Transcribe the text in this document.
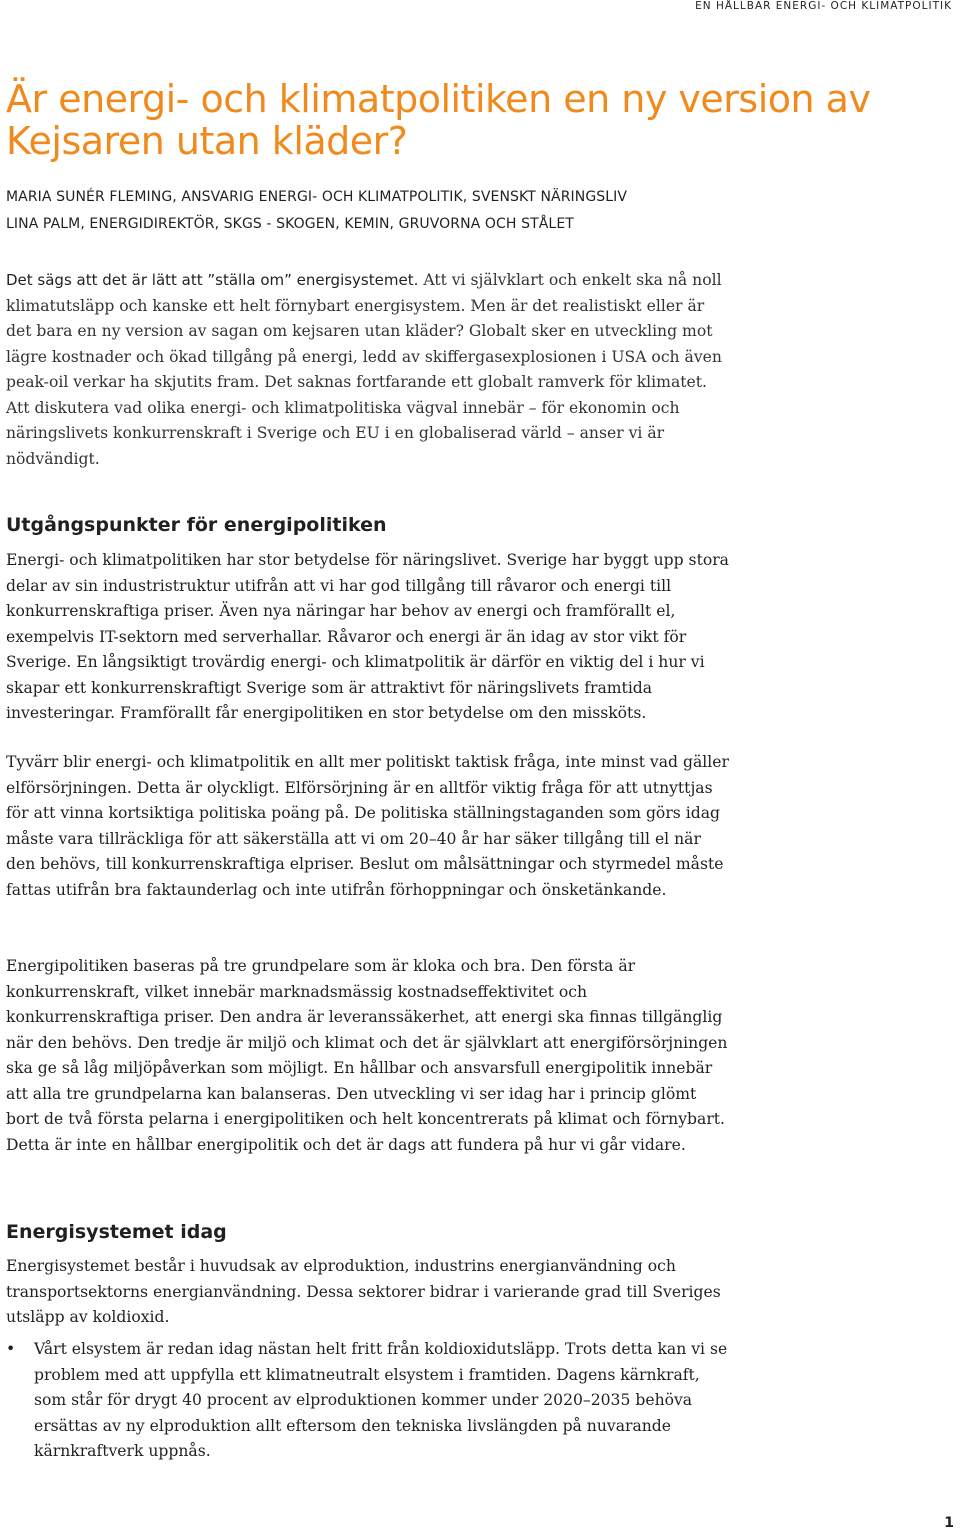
EN HÅLLBAR ENERGI- OCH KLIMATPOLITIK
Är energi- och klimatpolitiken en ny version av Kejsaren utan kläder?
MARIA SUNÉR FLEMING, ANSVARIG ENERGI- OCH KLIMATPOLITIK, SVENSKT NÄRINGSLIV
LINA PALM, ENERGIDIREKTÖR, SKGS - SKOGEN, KEMIN, GRUVORNA OCH STÅLET

Det sägs att det är lätt att ”ställa om” energisystemet. Att vi självklart och enkelt ska nå noll klimatutsläpp och kanske ett helt förnybart energisystem. Men är det realistiskt eller är det bara en ny version av sagan om kejsaren utan kläder? Globalt sker en utveckling mot lägre kostnader och ökad tillgång på energi, ledd av skiffergasexplosionen i USA och även peak-oil verkar ha skjutits fram. Det saknas fortfarande ett globalt ramverk för klimatet. Att diskutera vad olika energi- och klimatpolitiska vägval innebär – för ekonomin och näringslivets konkurrenskraft i Sverige och EU i en globaliserad värld – anser vi är nödvändigt.

Utgångspunkter för energipolitiken

Energi- och klimatpolitiken har stor betydelse för näringslivet. Sverige har byggt upp stora delar av sin industristruktur utifrån att vi har god tillgång till råvaror och energi till konkurrenskraftiga priser. Även nya näringar har behov av energi och framförallt el, exempelvis IT-sektorn med serverhallar. Råvaror och energi är än idag av stor vikt för Sverige. En långsiktigt trovärdig energi- och klimatpolitik är därför en viktig del i hur vi skapar ett konkurrenskraftigt Sverige som är attraktivt för näringslivets framtida investeringar. Framförallt får energipolitiken en stor betydelse om den missköts.

Tyvärr blir energi- och klimatpolitik en allt mer politiskt taktisk fråga, inte minst vad gäller elförsörjningen. Detta är olyckligt. Elförsörjning är en alltför viktig fråga för att utnyttjas för att vinna kortsiktiga politiska poäng på. De politiska ställningstaganden som görs idag måste vara tillräckliga för att säkerställa att vi om 20–40 år har säker tillgång till el när den behövs, till konkurrenskraftiga elpriser. Beslut om målsättningar och styrmedel måste fattas utifrån bra faktaunderlag och inte utifrån förhoppningar och önsketänkande.

Energipolitiken baseras på tre grundpelare som är kloka och bra. Den första är konkurrenskraft, vilket innebär marknadsmässig kostnadseffektivitet och konkurrenskraftiga priser. Den andra är leveranssäkerhet, att energi ska finnas tillgänglig när den behövs. Den tredje är miljö och klimat och det är självklart att energiförsörjningen ska ge så låg miljöpåverkan som möjligt. En hållbar och ansvarsfull energipolitik innebär att alla tre grundpelarna kan balanseras. Den utveckling vi ser idag har i princip glömt bort de två första pelarna i energipolitiken och helt koncentrerats på klimat och förnybart. Detta är inte en hållbar energipolitik och det är dags att fundera på hur vi går vidare.

Energisystemet idag

Energisystemet består i huvudsak av elproduktion, industrins energianvändning och transportsektorns energianvändning. Dessa sektorer bidrar i varierande grad till Sveriges utsläpp av koldioxid.

• Vårt elsystem är redan idag nästan helt fritt från koldioxidutsläpp. Trots detta kan vi se problem med att uppfylla ett klimatneutralt elsystem i framtiden. Dagens kärnkraft, som står för drygt 40 procent av elproduktionen kommer under 2020–2035 behöva ersättas av ny elproduktion allt eftersom den tekniska livslängden på nuvarande kärnkraftverk uppnås.
1
